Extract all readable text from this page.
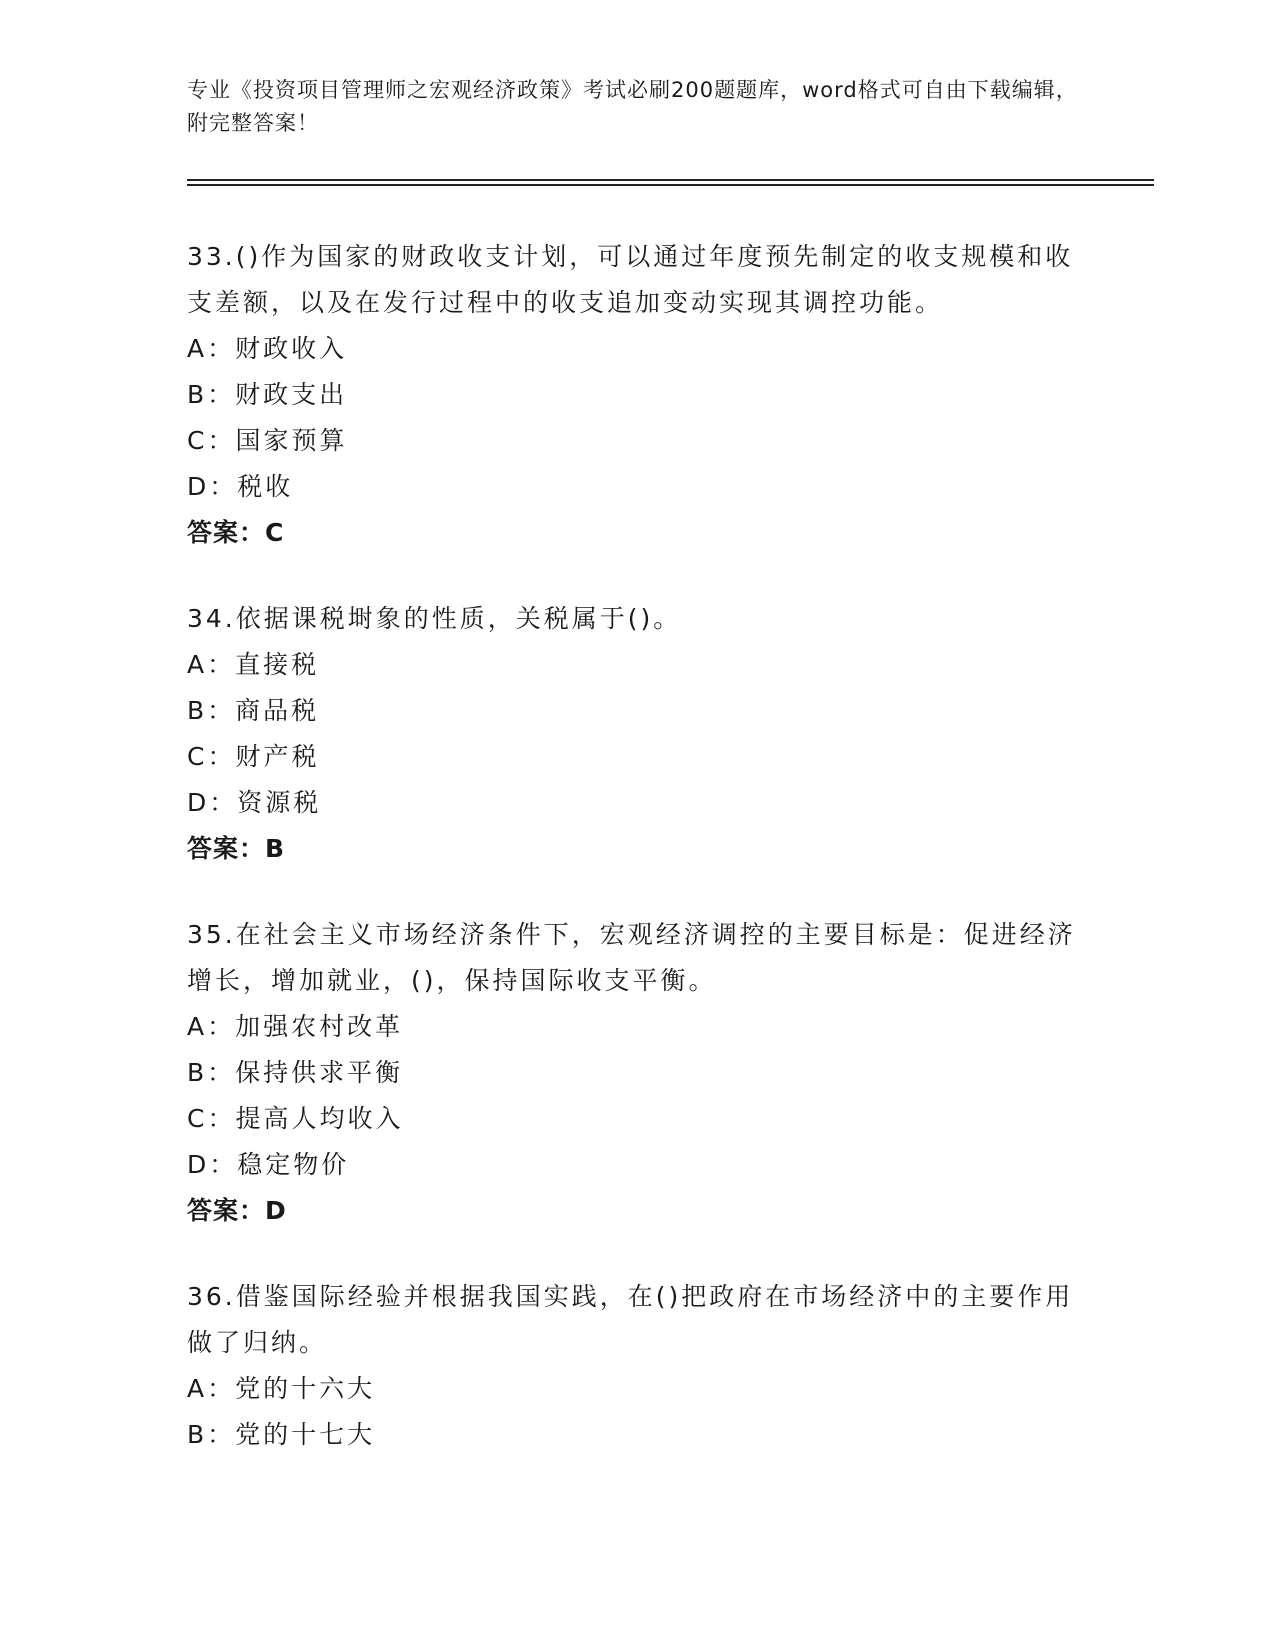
专业《投资项目管理师之宏观经济政策》考试必刷200题题库，word格式可自由下载编辑，附完整答案！
33.()作为国家的财政收支计划，可以通过年度预先制定的收支规模和收支差额，以及在发行过程中的收支追加变动实现其调控功能。
A：财政收入
B：财政支出
C：国家预算
D：税收
答案：C
34.依据课税埘象的性质，关税属于()。
A：直接税
B：商品税
C：财产税
D：资源税
答案：B
35.在社会主义市场经济条件下，宏观经济调控的主要目标是：促进经济增长，增加就业，()，保持国际收支平衡。
A：加强农村改革
B：保持供求平衡
C：提高人均收入
D：稳定物价
答案：D
36.借鉴国际经验并根据我国实践，在()把政府在市场经济中的主要作用做了归纳。
A：党的十六大
B：党的十七大
